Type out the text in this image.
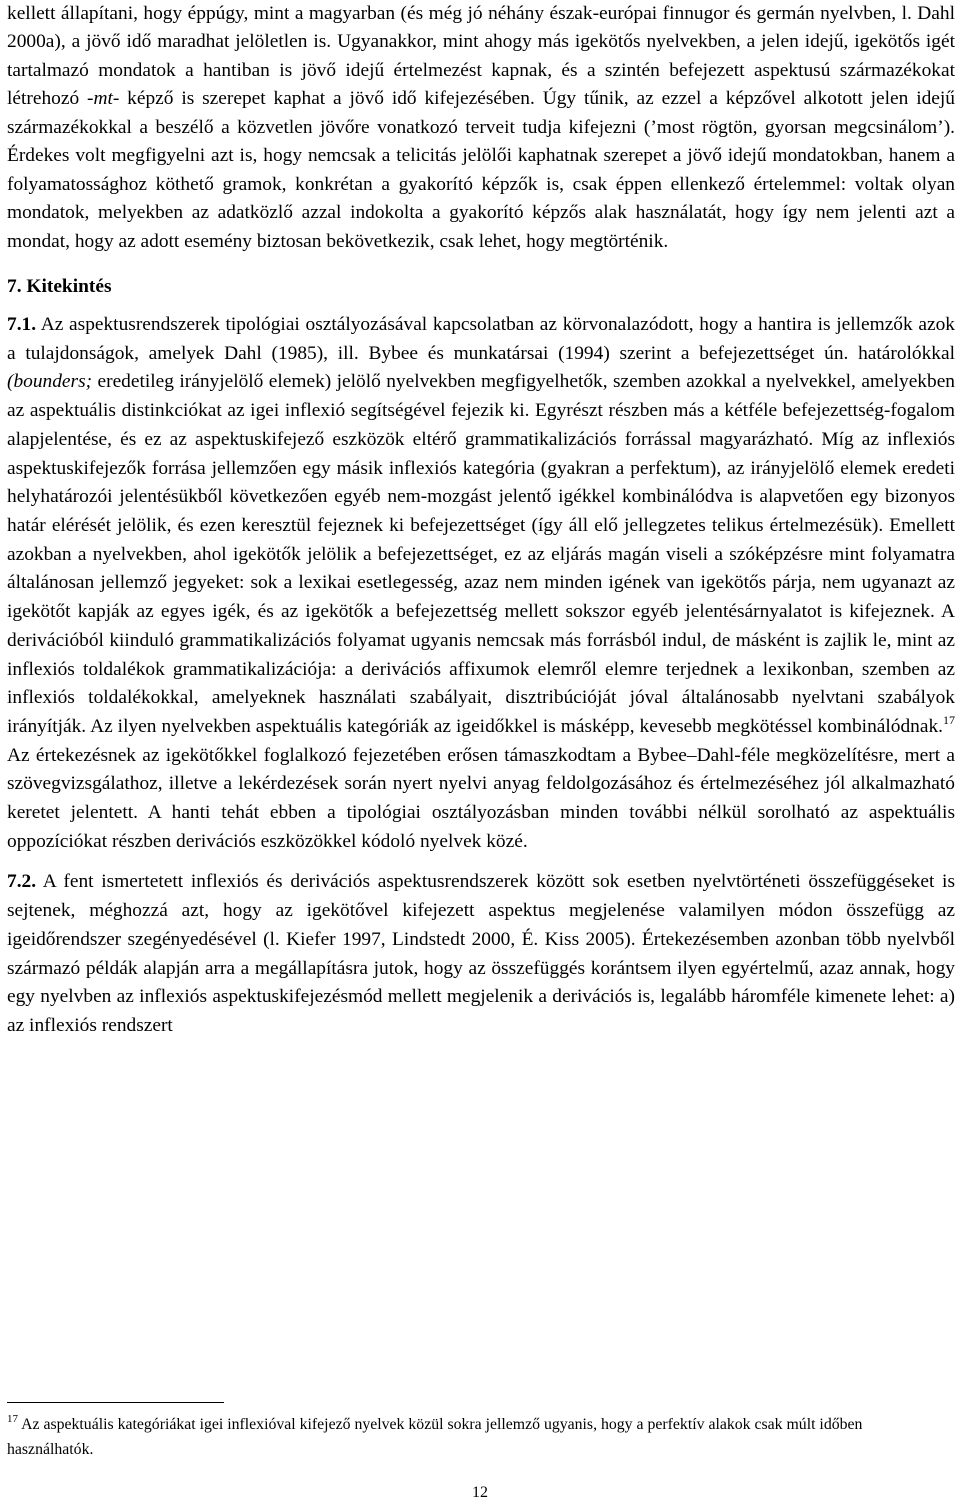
kellett állapítani, hogy éppúgy, mint a magyarban (és még jó néhány észak-európai finnugor és germán nyelvben, l. Dahl 2000a), a jövő idő maradhat jelöletlen is. Ugyanakkor, mint ahogy más igekötős nyelvekben, a jelen idejű, igekötős igét tartalmazó mondatok a hantiban is jövő idejű értelmezést kapnak, és a szintén befejezett aspektusú származékokat létrehozó -mt- képző is szerepet kaphat a jövő idő kifejezésében. Úgy tűnik, az ezzel a képzővel alkotott jelen idejű származékokkal a beszélő a közvetlen jövőre vonatkozó terveit tudja kifejezni (’most rögtön, gyorsan megcsinálom’). Érdekes volt megfigyelni azt is, hogy nemcsak a telicitás jelölői kaphatnak szerepet a jövő idejű mondatokban, hanem a folyamatossághoz köthető gramok, konkrétan a gyakorító képzők is, csak éppen ellenkező értelemmel: voltak olyan mondatok, melyekben az adatközlő azzal indokolta a gyakorító képzős alak használatát, hogy így nem jelenti azt a mondat, hogy az adott esemény biztosan bekövetkezik, csak lehet, hogy megtörténik.

7. Kitekintés

7.1. Az aspektusrendszerek tipológiai osztályozásával kapcsolatban az körvonalazódott, hogy a hantira is jellemzők azok a tulajdonságok, amelyek Dahl (1985), ill. Bybee és munkatársai (1994) szerint a befejezettséget ún. határolókkal (bounders; eredetileg irányjelölő elemek) jelölő nyelvekben megfigyelhetők, szemben azokkal a nyelvekkel, amelyekben az aspektuális distinkciókat az igei inflexió segítségével fejezik ki. Egyrészt részben más a kétféle befejezettség-fogalom alapjelentése, és ez az aspektuskifejező eszközök eltérő grammatikalizációs forrással magyarázható. Míg az inflexiós aspektuskifejezők forrása jellemzően egy másik inflexiós kategória (gyakran a perfektum), az irányjelölő elemek eredeti helyhatározói jelentésükből következően egyéb nem-mozgást jelentő igékkel kombinálódva is alapvetően egy bizonyos határ elérését jelölik, és ezen keresztül fejeznek ki befejezettséget (így áll elő jellegzetes telikus értelmezésük). Emellett azokban a nyelvekben, ahol igekötők jelölik a befejezettséget, ez az eljárás magán viseli a szóképzésre mint folyamatra általánosan jellemző jegyeket: sok a lexikai esetlegesség, azaz nem minden igének van igekötős párja, nem ugyanazt az igekötőt kapják az egyes igék, és az igekötők a befejezettség mellett sokszor egyéb jelentésárnyalatot is kifejeznek. A derivációból kiinduló grammatikalizációs folyamat ugyanis nemcsak más forrásból indul, de másként is zajlik le, mint az inflexiós toldalékok grammatikalizációja: a derivációs affixumok elemről elemre terjednek a lexikonban, szemben az inflexiós toldalékokkal, amelyeknek használati szabályait, disztribúcióját jóval általánosabb nyelvtani szabályok irányítják. Az ilyen nyelvekben aspektuális kategóriák az igeidőkkel is másképp, kevesebb megkötéssel kombinálódnak.$^{17}$ Az értekezésnek az igekötőkkel foglalkozó fejezetében erősen támaszkodtam a Bybee–Dahl-féle megközelítésre, mert a szövegvizsgálathoz, illetve a lekérdezések során nyert nyelvi anyag feldolgozásához és értelmezéséhez jól alkalmazható keretet jelentett. A hanti tehát ebben a tipológiai osztályozásban minden további nélkül sorolható az aspektuális oppozíciókat részben derivációs eszközökkel kódoló nyelvek közé.

7.2. A fent ismertetett inflexiós és derivációs aspektusrendszerek között sok esetben nyelvtörténeti összefüggéseket is sejtenek, méghozzá azt, hogy az igekötővel kifejezett aspektus megjelenése valamilyen módon összefügg az igeidőrendszer szegényedésével (l. Kiefer 1997, Lindstedt 2000, É. Kiss 2005). Értekezésemben azonban több nyelvből származó példák alapján arra a megállapításra jutok, hogy az összefüggés korántsem ilyen egyértelmű, azaz annak, hogy egy nyelvben az inflexiós aspektuskifejezésmód mellett megjelenik a derivációs is, legalább háromféle kimenete lehet: a) az inflexiós rendszert

$^{17}$ Az aspektuális kategóriákat igei inflexióval kifejező nyelvek közül sokra jellemző ugyanis, hogy a perfektív alakok csak múlt időben használhatók.
12
